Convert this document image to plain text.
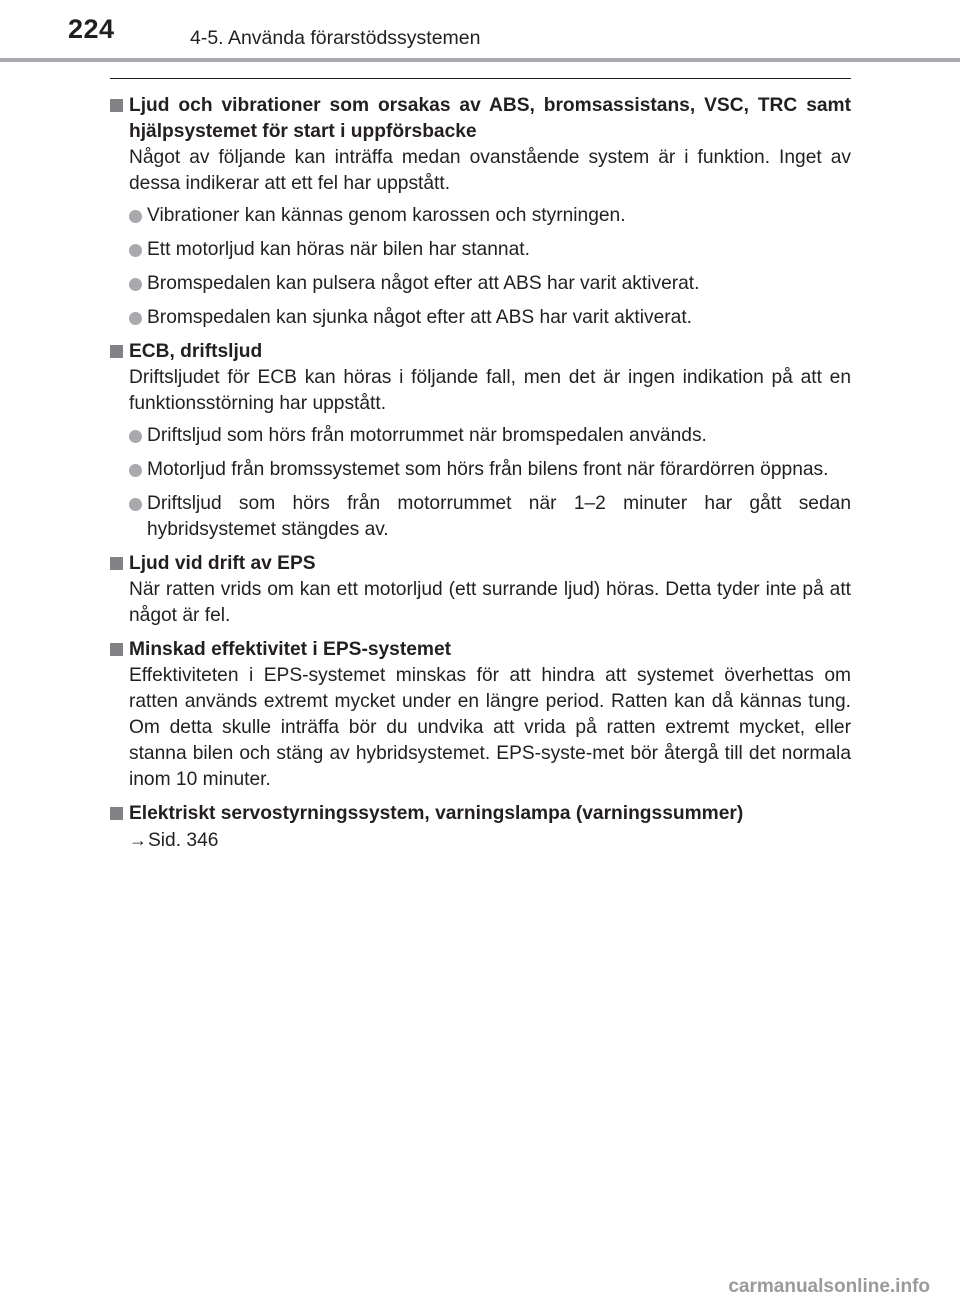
224	4-5. Använda förarstödssystemen
Ljud och vibrationer som orsakas av ABS, bromsassistans, VSC, TRC samt hjälpsystemet för start i uppförsbacke
Något av följande kan inträffa medan ovanstående system är i funktion. Inget av dessa indikerar att ett fel har uppstått.
Vibrationer kan kännas genom karossen och styrningen.
Ett motorljud kan höras när bilen har stannat.
Bromspedalen kan pulsera något efter att ABS har varit aktiverat.
Bromspedalen kan sjunka något efter att ABS har varit aktiverat.
ECB, driftsljud
Driftsljudet för ECB kan höras i följande fall, men det är ingen indikation på att en funktionsstörning har uppstått.
Driftsljud som hörs från motorrummet när bromspedalen används.
Motorljud från bromssystemet som hörs från bilens front när förardörren öppnas.
Driftsljud som hörs från motorrummet när 1–2 minuter har gått sedan hybridsystemet stängdes av.
Ljud vid drift av EPS
När ratten vrids om kan ett motorljud (ett surrande ljud) höras. Detta tyder inte på att något är fel.
Minskad effektivitet i EPS-systemet
Effektiviteten i EPS-systemet minskas för att hindra att systemet överhettas om ratten används extremt mycket under en längre period. Ratten kan då kännas tung. Om detta skulle inträffa bör du undvika att vrida på ratten extremt mycket, eller stanna bilen och stäng av hybridsystemet. EPS-syste-met bör återgå till det normala inom 10 minuter.
Elektriskt servostyrningssystem, varningslampa (varningssummer)
→ Sid. 346
carmanualsonline.info
